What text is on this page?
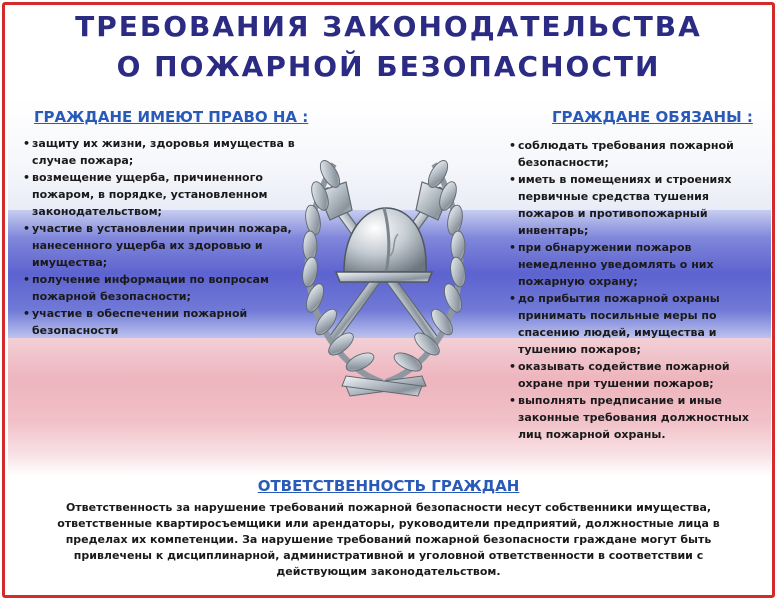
ТРЕБОВАНИЯ ЗАКОНОДАТЕЛЬСТВА
О ПОЖАРНОЙ БЕЗОПАСНОСТИ
ГРАЖДАНЕ ИМЕЮТ ПРАВО НА :
• защиту их жизни, здоровья имущества в случае пожара;
• возмещение ущерба, причиненного пожаром, в порядке, установленном законодательством;
• участие в установлении причин пожара, нанесенного ущерба их здоровью и имущества;
• получение информации по вопросам пожарной безопасности;
• участие в обеспечении пожарной безопасности
ГРАЖДАНЕ ОБЯЗАНЫ :
• соблюдать требования пожарной безопасности;
• иметь в помещениях и строениях первичные средства тушения пожаров и противопожарный инвентарь;
• при обнаружении пожаров немедленно уведомлять о них пожарную охрану;
• до прибытия пожарной охраны принимать посильные меры по спасению людей, имущества и тушению пожаров;
• оказывать содействие пожарной охране при тушении пожаров;
• выполнять предписание и иные законные требования должностных лиц пожарной охраны.
ОТВЕТСТВЕННОСТЬ ГРАЖДАН
Ответственность за нарушение требований пожарной безопасности несут собственники имущества, ответственные квартиросъемщики или арендаторы, руководители предприятий, должностные лица в пределах их компетенции. За нарушение требований пожарной безопасности граждане могут быть привлечены к дисциплинарной, административной и уголовной ответственности в соответствии с действующим законодательством.
